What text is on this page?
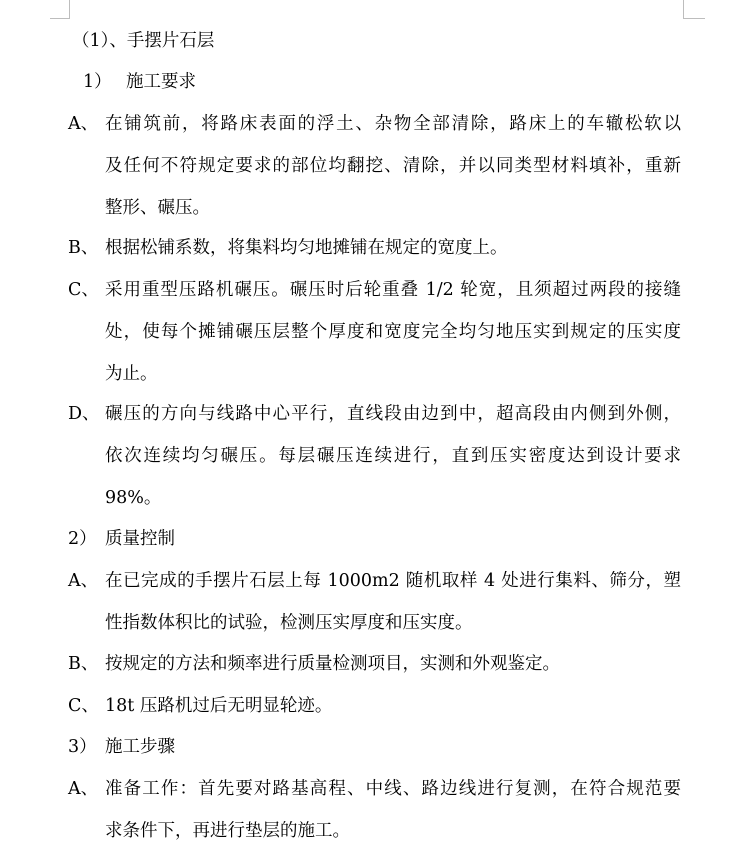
（1）、手摆片石层
1） 施工要求
A、 在铺筑前，将路床表面的浮土、杂物全部清除，路床上的车辙松软以
及任何不符规定要求的部位均翻挖、清除，并以同类型材料填补，重新
整形、碾压。
B、 根据松铺系数，将集料均匀地摊铺在规定的宽度上。
C、 采用重型压路机碾压。碾压时后轮重叠 1/2 轮宽，且须超过两段的接缝
处，使每个摊铺碾压层整个厚度和宽度完全均匀地压实到规定的压实度
为止。
D、 碾压的方向与线路中心平行，直线段由边到中，超高段由内侧到外侧，
依次连续均匀碾压。每层碾压连续进行，直到压实密度达到设计要求
98%。
2） 质量控制
A、 在已完成的手摆片石层上每 1000m2 随机取样 4 处进行集料、筛分，塑
性指数体积比的试验，检测压实厚度和压实度。
B、 按规定的方法和频率进行质量检测项目，实测和外观鉴定。
C、 18t 压路机过后无明显轮迹。
3） 施工步骤
A、 准备工作：首先要对路基高程、中线、路边线进行复测，在符合规范要
求条件下，再进行垫层的施工。
